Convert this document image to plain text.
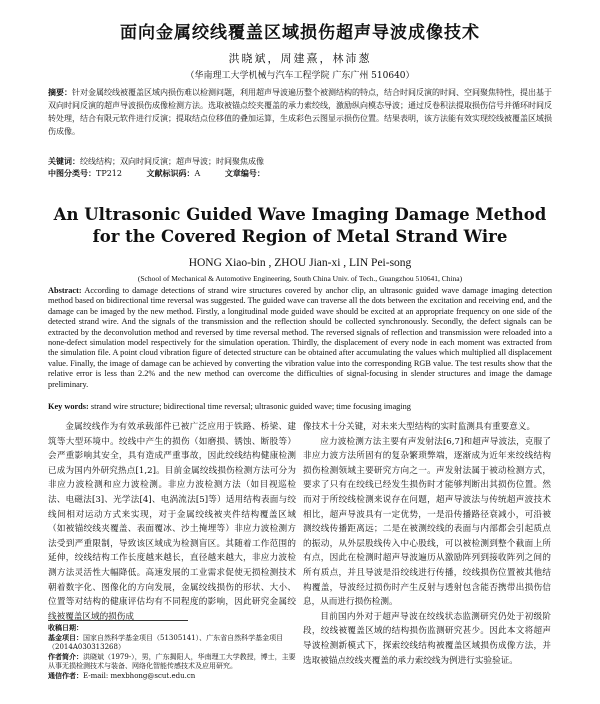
面向金属绞线覆盖区域损伤超声导波成像技术
洪晓斌，周建熹，林沛葱
（华南理工大学机械与汽车工程学院 广东广州 510640）
摘要：针对金属绞线被覆盖区域内损伤难以检测问题，利用超声导波遍历整个被测结构的特点，结合时间反演的时间、空间聚焦特性，提出基于双向时间反演的超声导波损伤成像检测方法。选取被锚点绞夹覆盖的承力索绞线，激励纵向模态导波；通过反卷积法提取损伤信号并循环时间反转处理，结合有限元软件进行反演；提取结点位移值的叠加运算，生成彩色云图显示损伤位置。结果表明，该方法能有效实现绞线被覆盖区域损伤成像。
关键词：绞线结构；双向时间反演；超声导波；时间聚焦成像
中图分类号：TP212	文献标识码：A	文章编号：
An Ultrasonic Guided Wave Imaging Damage Method for the Covered Region of Metal Strand Wire
HONG Xiao-bin , ZHOU Jian-xi , LIN Pei-song
(School of Mechanical & Automotive Engineering, South China Univ. of Tech., Guangzhou 510641, China)
Abstract: According to damage detections of strand wire structures covered by anchor clip, an ultrasonic guided wave damage imaging detection method based on bidirectional time reversal was suggested. The guided wave can traverse all the dots between the excitation and receiving end, and the damage can be imaged by the new method. Firstly, a longitudinal mode guided wave should be excited at an appropriate frequency on one side of the detected strand wire. And the signals of the transmission and the reflection should be collected synchronously. Secondly, the defect signals can be extracted by the deconvolution method and reversed by time reversal method. The reversed signals of reflection and transmission were reloaded into a none-defect simulation model respectively for the simulation operation. Thirdly, the displacement of every node in each moment was extracted from the simulation file. A point cloud vibration figure of detected structure can be obtained after accumulating the values which multiplied all displacement value. Finally, the image of damage can be achieved by converting the vibration value into the corresponding RGB value. The test results show that the relative error is less than 2.2% and the new method can overcome the difficulties of signal-focusing in slender structures and image the damage preliminary.
Key words: strand wire structure; bidirectional time reversal; ultrasonic guided wave; time focusing imaging

金属绞线作为有效承载部件已被广泛应用于铁路、桥梁、建筑等大型环境中。绞线中产生的损伤（如磨损、锈蚀、断股等）会严重影响其安全，具有造成严重事故，因此绞线结构健康检测已成为国内外研究热点[1,2]。目前金属绞线损伤检测方法可分为非应力波检测和应力波检测。非应力波检测方法（如目视巡检法、电磁法[3]、光学法[4]、电涡流法[5]等）适用结构表面与绞线间相对运动方式来实现，对于金属绞线被夹件结构覆盖区域（如被锚绞线夹覆盖、表面覆冰、沙土掩埋等）非应力波检测方法受到严重限制，导致该区域成为检测盲区。其随着工作范围的延伸，绞线结构工作长度越来越长，直径越来越大，非应力波检测方法灵活性大幅降低。高速发展的工业需求促使无损检测技术朝着数字化、图像化的方向发展，金属绞线损伤的形状、大小、位置等对结构的健康评估均有不同程度的影响，因此研究金属绞线被覆盖区域的损伤成

像技术十分关键，对未来大型结构的实时监测具有重要意义。

应力波检测方法主要有声发射法[6,7]和超声导波法，克服了非应力波方法所固有的复杂繁琐弊端，逐渐成为近年来绞线结构损伤检测领域主要研究方向之一。声发射法属于被动检测方式，要求了只有在绞线已经发生损伤时才能够判断出其损伤位置。然而对于所绞线检测来说存在问题，超声导波法与传统超声波技术相比，超声导波具有一定优势，一是沿传播路径衰减小，可沿被测绞线传播距离远；二是在被测绞线的表面与内部都会引起质点的振动，从外层股线传入中心股线，可以被检测到整个截面上所有点，因此在检测时超声导波遍历从激励阵列到接收阵列之间的所有质点，并且导波是沿绞线进行传播，绞线损伤位置被其他结构覆盖，导波经过损伤时产生反射与透射包含能否携带出损伤信息，从而进行损伤检测。

目前国内外对于超声导波在绞线状态监测研究仍处于初级阶段，绞线被覆盖区域的结构损伤监测研究甚少。因此本文将超声导波检测新模式下，探索绞线结构被覆盖区域损伤成像方法，并选取被锚点绞线夹覆盖的承力索绞线为例进行实验验证。

收稿日期：
基金项目：国家自然科学基金项目（51305141）、广东省自然科学基金项目（2014A030313268）
作者简介：洪晓斌（1979-），男，广东揭阳人，华南理工大学教授，博士，主要从事无损检测技术与装备、网络化智能传感技术及应用研究。
通信作者：E-mail: mexbhong@scut.edu.cn
